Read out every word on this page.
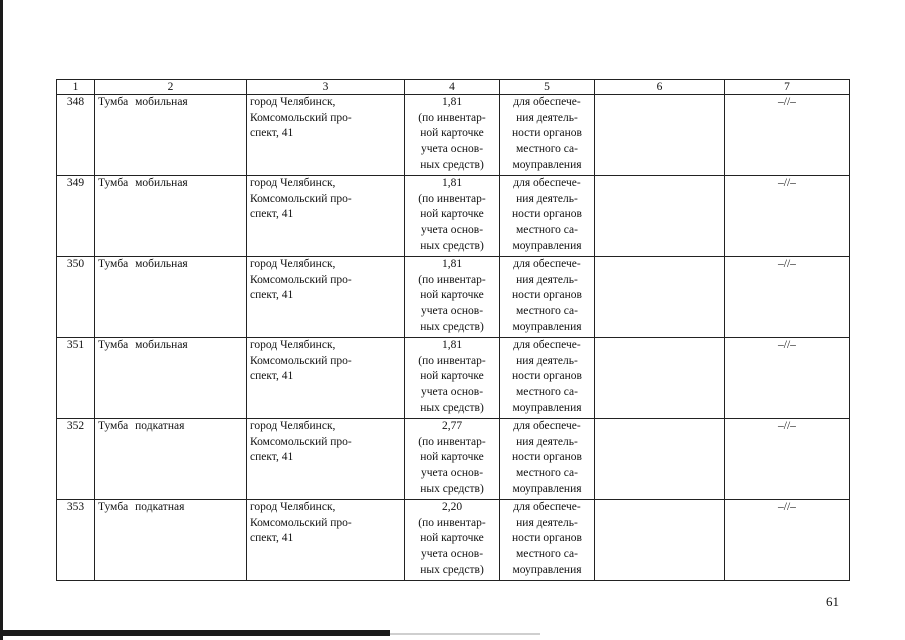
1	2	3	4	5	6	7
348	Тумба мобильная	город Челябинск,
Комсомольский про-
спект, 41	1,81
(по инвентар-
ной карточке
учета основ-
ных средств)	для обеспече-
ния деятель-
ности органов
местного са-
моуправления		–//–
349	Тумба мобильная	город Челябинск,
Комсомольский про-
спект, 41	1,81
(по инвентар-
ной карточке
учета основ-
ных средств)	для обеспече-
ния деятель-
ности органов
местного са-
моуправления		–//–
350	Тумба мобильная	город Челябинск,
Комсомольский про-
спект, 41	1,81
(по инвентар-
ной карточке
учета основ-
ных средств)	для обеспече-
ния деятель-
ности органов
местного са-
моуправления		–//–
351	Тумба мобильная	город Челябинск,
Комсомольский про-
спект, 41	1,81
(по инвентар-
ной карточке
учета основ-
ных средств)	для обеспече-
ния деятель-
ности органов
местного са-
моуправления		–//–
352	Тумба подкатная	город Челябинск,
Комсомольский про-
спект, 41	2,77
(по инвентар-
ной карточке
учета основ-
ных средств)	для обеспече-
ния деятель-
ности органов
местного са-
моуправления		–//–
353	Тумба подкатная	город Челябинск,
Комсомольский про-
спект, 41	2,20
(по инвентар-
ной карточке
учета основ-
ных средств)	для обеспече-
ния деятель-
ности органов
местного са-
моуправления		–//–
61
